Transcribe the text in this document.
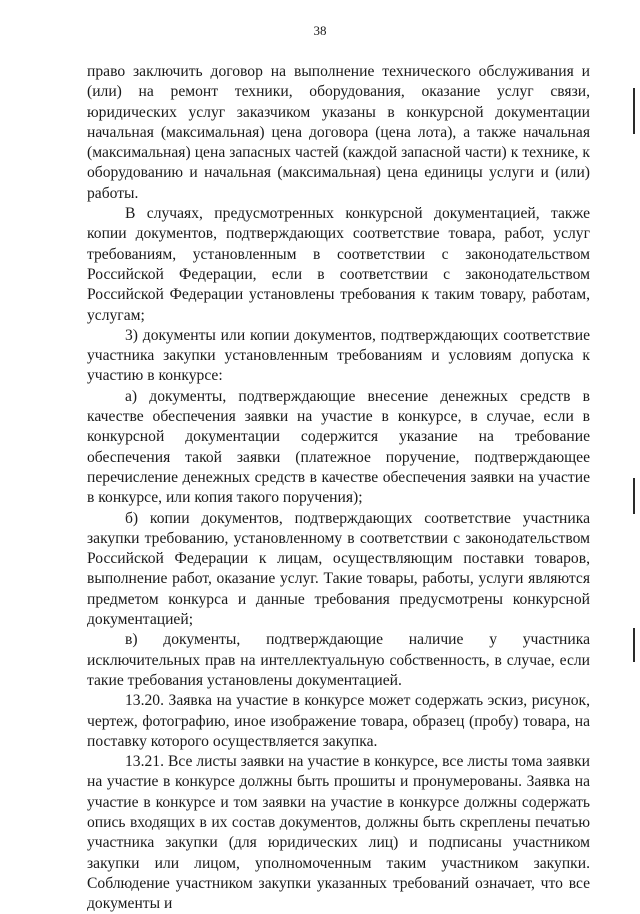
38

право заключить договор на выполнение технического обслуживания и (или) на ремонт техники, оборудования, оказание услуг связи, юридических услуг заказчиком указаны в конкурсной документации начальная (максимальная) цена договора (цена лота), а также начальная (максимальная) цена запасных частей (каждой запасной части) к технике, к оборудованию и начальная (максимальная) цена единицы услуги и (или) работы.

В случаях, предусмотренных конкурсной документацией, также копии документов, подтверждающих соответствие товара, работ, услуг требованиям, установленным в соответствии с законодательством Российской Федерации, если в соответствии с законодательством Российской Федерации установлены требования к таким товару, работам, услугам;

3) документы или копии документов, подтверждающих соответствие участника закупки установленным требованиям и условиям допуска к участию в конкурсе:

а) документы, подтверждающие внесение денежных средств в качестве обеспечения заявки на участие в конкурсе, в случае, если в конкурсной документации содержится указание на требование обеспечения такой заявки (платежное поручение, подтверждающее перечисление денежных средств в качестве обеспечения заявки на участие в конкурсе, или копия такого поручения);

б) копии документов, подтверждающих соответствие участника закупки требованию, установленному в соответствии с законодательством Российской Федерации к лицам, осуществляющим поставки товаров, выполнение работ, оказание услуг. Такие товары, работы, услуги являются предметом конкурса и данные требования предусмотрены конкурсной документацией;

в) документы, подтверждающие наличие у участника исключительных прав на интеллектуальную собственность, в случае, если такие требования установлены документацией.

13.20. Заявка на участие в конкурсе может содержать эскиз, рисунок, чертеж, фотографию, иное изображение товара, образец (пробу) товара, на поставку которого осуществляется закупка.

13.21. Все листы заявки на участие в конкурсе, все листы тома заявки на участие в конкурсе должны быть прошиты и пронумерованы. Заявка на участие в конкурсе и том заявки на участие в конкурсе должны содержать опись входящих в их состав документов, должны быть скреплены печатью участника закупки (для юридических лиц) и подписаны участником закупки или лицом, уполномоченным таким участником закупки. Соблюдение участником закупки указанных требований означает, что все документы и
